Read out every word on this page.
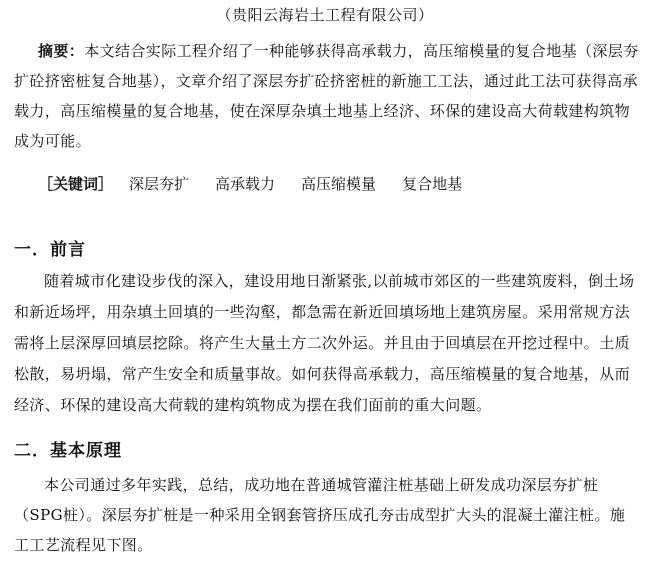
（贵阳云海岩土工程有限公司）

摘要：本文结合实际工程介绍了一种能够获得高承载力，高压缩模量的复合地基（深层夯扩砼挤密桩复合地基），文章介绍了深层夯扩砼挤密桩的新施工工法，通过此工法可获得高承载力，高压缩模量的复合地基，使在深厚杂填土地基上经济、环保的建设高大荷载建构筑物成为可能。

［关键词］ 深层夯扩 高承载力 高压缩模量 复合地基
一．前言

随着城市化建设步伐的深入，建设用地日渐紧张,以前城市郊区的一些建筑废料，倒土场和新近场坪，用杂填土回填的一些沟壑，都急需在新近回填场地上建筑房屋。采用常规方法需将上层深厚回填层挖除。将产生大量土方二次外运。并且由于回填层在开挖过程中。土质松散，易坍塌，常产生安全和质量事故。如何获得高承载力，高压缩模量的复合地基，从而经济、环保的建设高大荷载的建构筑物成为摆在我们面前的重大问题。

二．基本原理

本公司通过多年实践，总结，成功地在普通城管灌注桩基础上研发成功深层夯扩桩（SPG桩）。深层夯扩桩是一种采用全钢套管挤压成孔夯击成型扩大头的混凝土灌注桩。施工工艺流程见下图。
